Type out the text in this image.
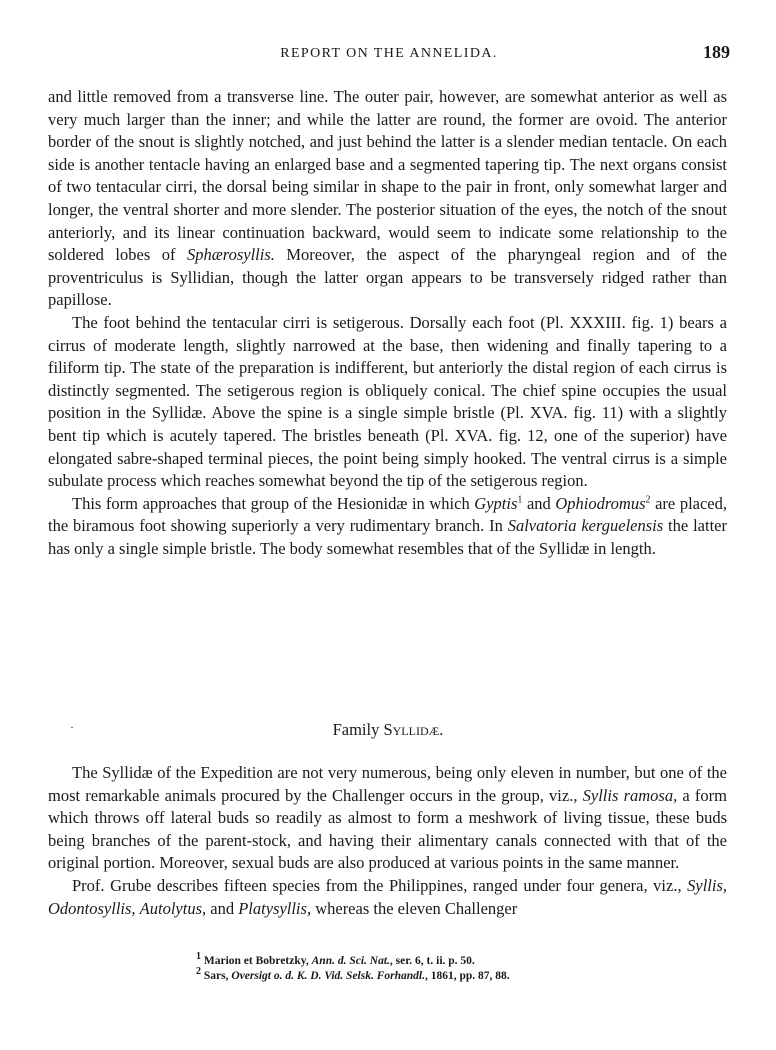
REPORT ON THE ANNELIDA.	189

and little removed from a transverse line. The outer pair, however, are somewhat anterior as well as very much larger than the inner; and while the latter are round, the former are ovoid. The anterior border of the snout is slightly notched, and just behind the latter is a slender median tentacle. On each side is another tentacle having an enlarged base and a segmented tapering tip. The next organs consist of two tentacular cirri, the dorsal being similar in shape to the pair in front, only somewhat larger and longer, the ventral shorter and more slender. The posterior situation of the eyes, the notch of the snout anteriorly, and its linear continuation backward, would seem to indicate some relationship to the soldered lobes of Sphærosyllis. Moreover, the aspect of the pharyngeal region and of the proventriculus is Syllidian, though the latter organ appears to be transversely ridged rather than papillose.

The foot behind the tentacular cirri is setigerous. Dorsally each foot (Pl. XXXIII. fig. 1) bears a cirrus of moderate length, slightly narrowed at the base, then widening and finally tapering to a filiform tip. The state of the preparation is indifferent, but anteriorly the distal region of each cirrus is distinctly segmented. The setigerous region is obliquely conical. The chief spine occupies the usual position in the Syllidæ. Above the spine is a single simple bristle (Pl. XVA. fig. 11) with a slightly bent tip which is acutely tapered. The bristles beneath (Pl. XVA. fig. 12, one of the superior) have elongated sabre-shaped terminal pieces, the point being simply hooked. The ventral cirrus is a simple subulate process which reaches somewhat beyond the tip of the setigerous region.

This form approaches that group of the Hesionidæ in which Gyptis$^1$ and Ophiodromus$^2$ are placed, the biramous foot showing superiorly a very rudimentary branch. In Salvatoria kerguelensis the latter has only a single simple bristle. The body somewhat resembles that of the Syllidæ in length.

·	Family Syllidæ.

The Syllidæ of the Expedition are not very numerous, being only eleven in number, but one of the most remarkable animals procured by the Challenger occurs in the group, viz., Syllis ramosa, a form which throws off lateral buds so readily as almost to form a meshwork of living tissue, these buds being branches of the parent-stock, and having their alimentary canals connected with that of the original portion. Moreover, sexual buds are also produced at various points in the same manner.

Prof. Grube describes fifteen species from the Philippines, ranged under four genera, viz., Syllis, Odontosyllis, Autolytus, and Platysyllis, whereas the eleven Challenger

$^1$ Marion et Bobretzky, Ann. d. Sci. Nat., ser. 6, t. ii. p. 50.

$^2$ Sars, Oversigt o. d. K. D. Vid. Selsk. Forhandl., 1861, pp. 87, 88.
